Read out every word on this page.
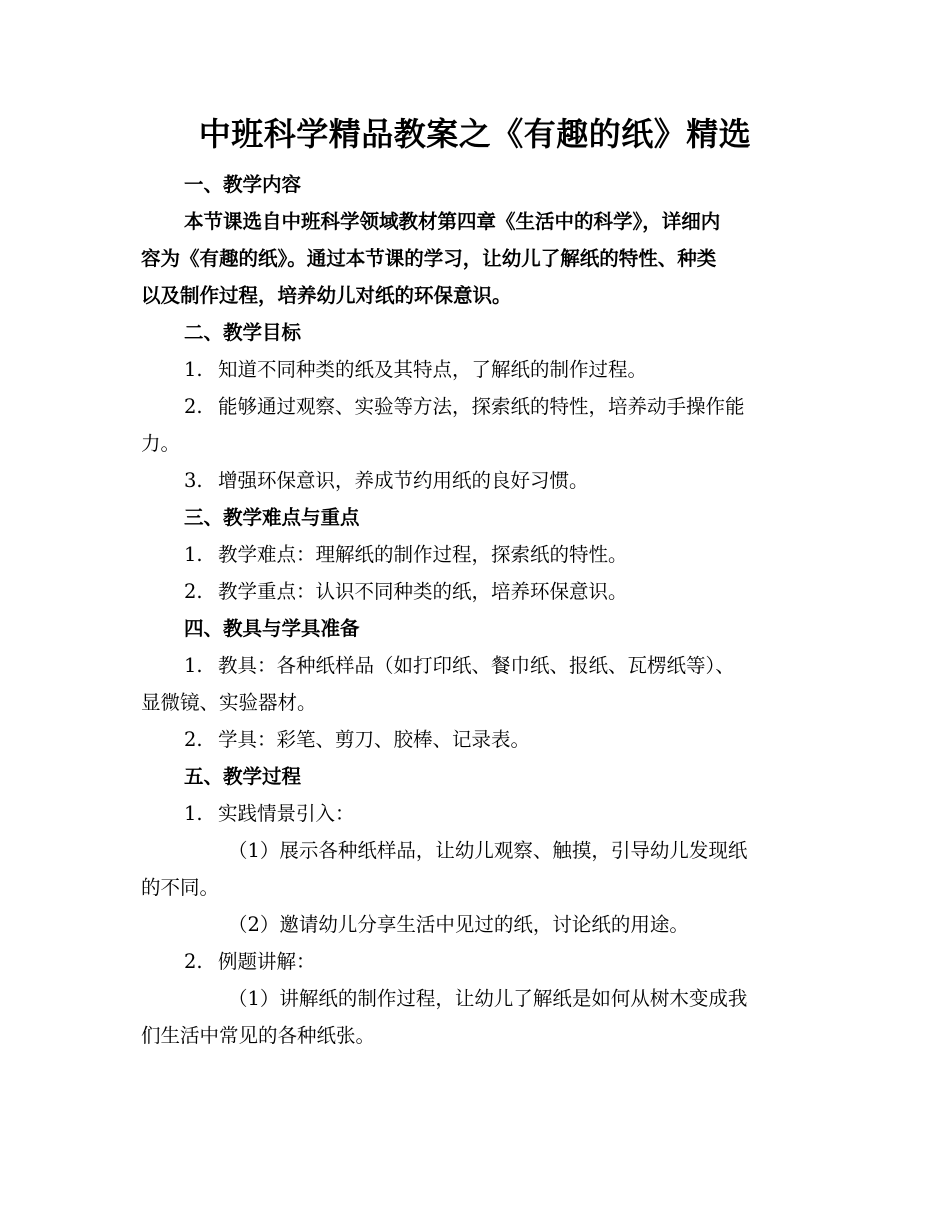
中班科学精品教案之《有趣的纸》精选
一、教学内容
本节课选自中班科学领域教材第四章《生活中的科学》，详细内
容为《有趣的纸》。通过本节课的学习，让幼儿了解纸的特性、种类
以及制作过程，培养幼儿对纸的环保意识。
二、教学目标
1. 知道不同种类的纸及其特点，了解纸的制作过程。
2. 能够通过观察、实验等方法，探索纸的特性，培养动手操作能
力。
3. 增强环保意识，养成节约用纸的良好习惯。
三、教学难点与重点
1. 教学难点：理解纸的制作过程，探索纸的特性。
2. 教学重点：认识不同种类的纸，培养环保意识。
四、教具与学具准备
1. 教具：各种纸样品（如打印纸、餐巾纸、报纸、瓦楞纸等）、
显微镜、实验器材。
2. 学具：彩笔、剪刀、胶棒、记录表。
五、教学过程
1. 实践情景引入：
（1）展示各种纸样品，让幼儿观察、触摸，引导幼儿发现纸
的不同。
（2）邀请幼儿分享生活中见过的纸，讨论纸的用途。
2. 例题讲解：
（1）讲解纸的制作过程，让幼儿了解纸是如何从树木变成我
们生活中常见的各种纸张。
